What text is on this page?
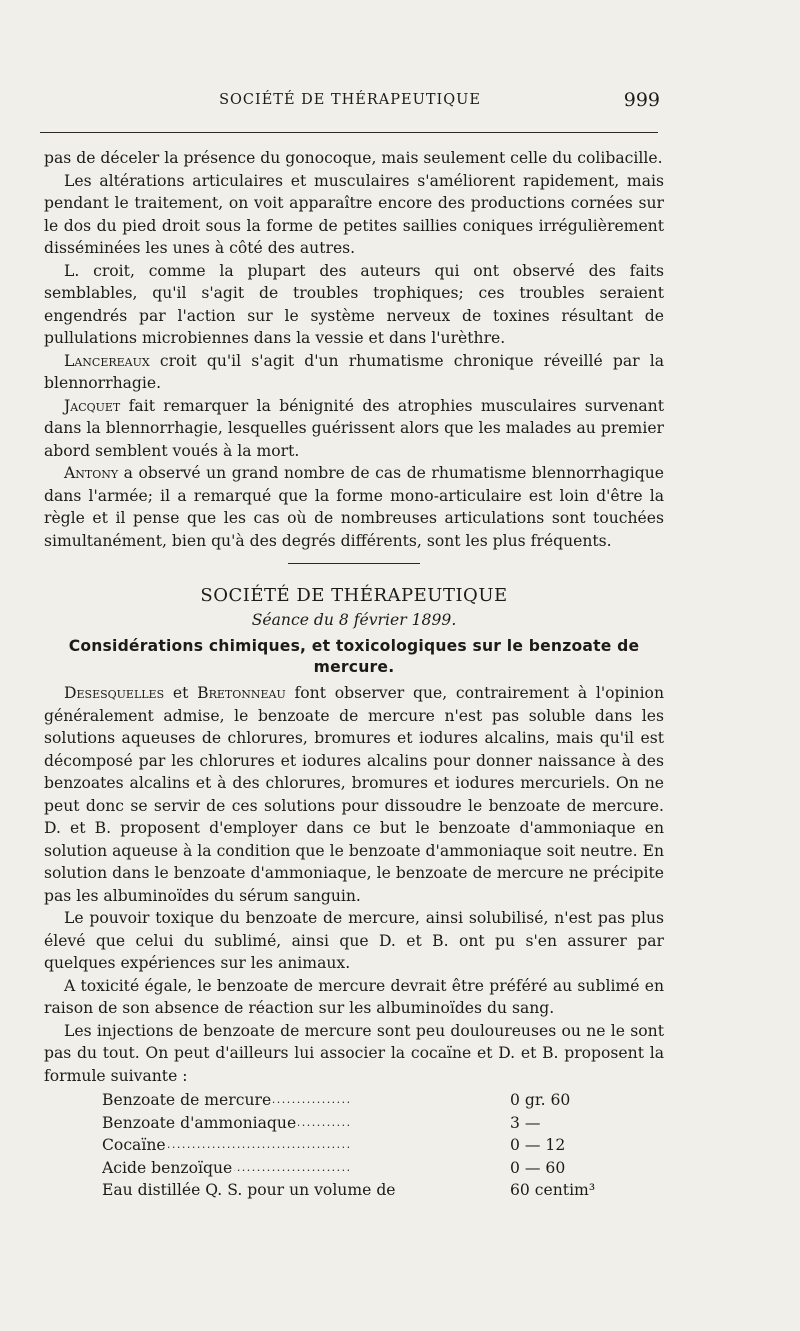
SOCIÉTÉ DE THÉRAPEUTIQUE	999

pas de déceler la présence du gonocoque, mais seulement celle du colibacille.

Les altérations articulaires et musculaires s'améliorent rapidement, mais pendant le traitement, on voit apparaître encore des productions cornées sur le dos du pied droit sous la forme de petites saillies coniques irrégulièrement disséminées les unes à côté des autres.

L. croit, comme la plupart des auteurs qui ont observé des faits semblables, qu'il s'agit de troubles trophiques; ces troubles seraient engendrés par l'action sur le système nerveux de toxines résultant de pullulations microbiennes dans la vessie et dans l'urèthre.

Lancereaux croit qu'il s'agit d'un rhumatisme chronique réveillé par la blennorrhagie.

Jacquet fait remarquer la bénignité des atrophies musculaires survenant dans la blennorrhagie, lesquelles guérissent alors que les malades au premier abord semblent voués à la mort.

Antony a observé un grand nombre de cas de rhumatisme blennorrhagique dans l'armée; il a remarqué que la forme mono-articulaire est loin d'être la règle et il pense que les cas où de nombreuses articulations sont touchées simultanément, bien qu'à des degrés différents, sont les plus fréquents.

SOCIÉTÉ DE THÉRAPEUTIQUE
Séance du 8 février 1899.
Considérations chimiques, et toxicologiques sur le benzoate de mercure.

Desesquelles et Bretonneau font observer que, contrairement à l'opinion généralement admise, le benzoate de mercure n'est pas soluble dans les solutions aqueuses de chlorures, bromures et iodures alcalins, mais qu'il est décomposé par les chlorures et iodures alcalins pour donner naissance à des benzoates alcalins et à des chlorures, bromures et iodures mercuriels. On ne peut donc se servir de ces solutions pour dissoudre le benzoate de mercure. D. et B. proposent d'employer dans ce but le benzoate d'ammoniaque en solution aqueuse à la condition que le benzoate d'ammoniaque soit neutre. En solution dans le benzoate d'ammoniaque, le benzoate de mercure ne précipite pas les albuminoïdes du sérum sanguin.

Le pouvoir toxique du benzoate de mercure, ainsi solubilisé, n'est pas plus élevé que celui du sublimé, ainsi que D. et B. ont pu s'en assurer par quelques expériences sur les animaux.

A toxicité égale, le benzoate de mercure devrait être préféré au sublimé en raison de son absence de réaction sur les albuminoïdes du sang.

Les injections de benzoate de mercure sont peu douloureuses ou ne le sont pas du tout. On peut d'ailleurs lui associer la cocaïne et D. et B. proposent la formule suivante :

Benzoate de mercure . . .	0 gr. 60
Benzoate d'ammoniaque . . .	3 —
Cocaïne . . .	0 — 12
Acide benzoïque . . .	0 — 60
Eau distillée Q. S. pour un volume de . . .	60 centim³
